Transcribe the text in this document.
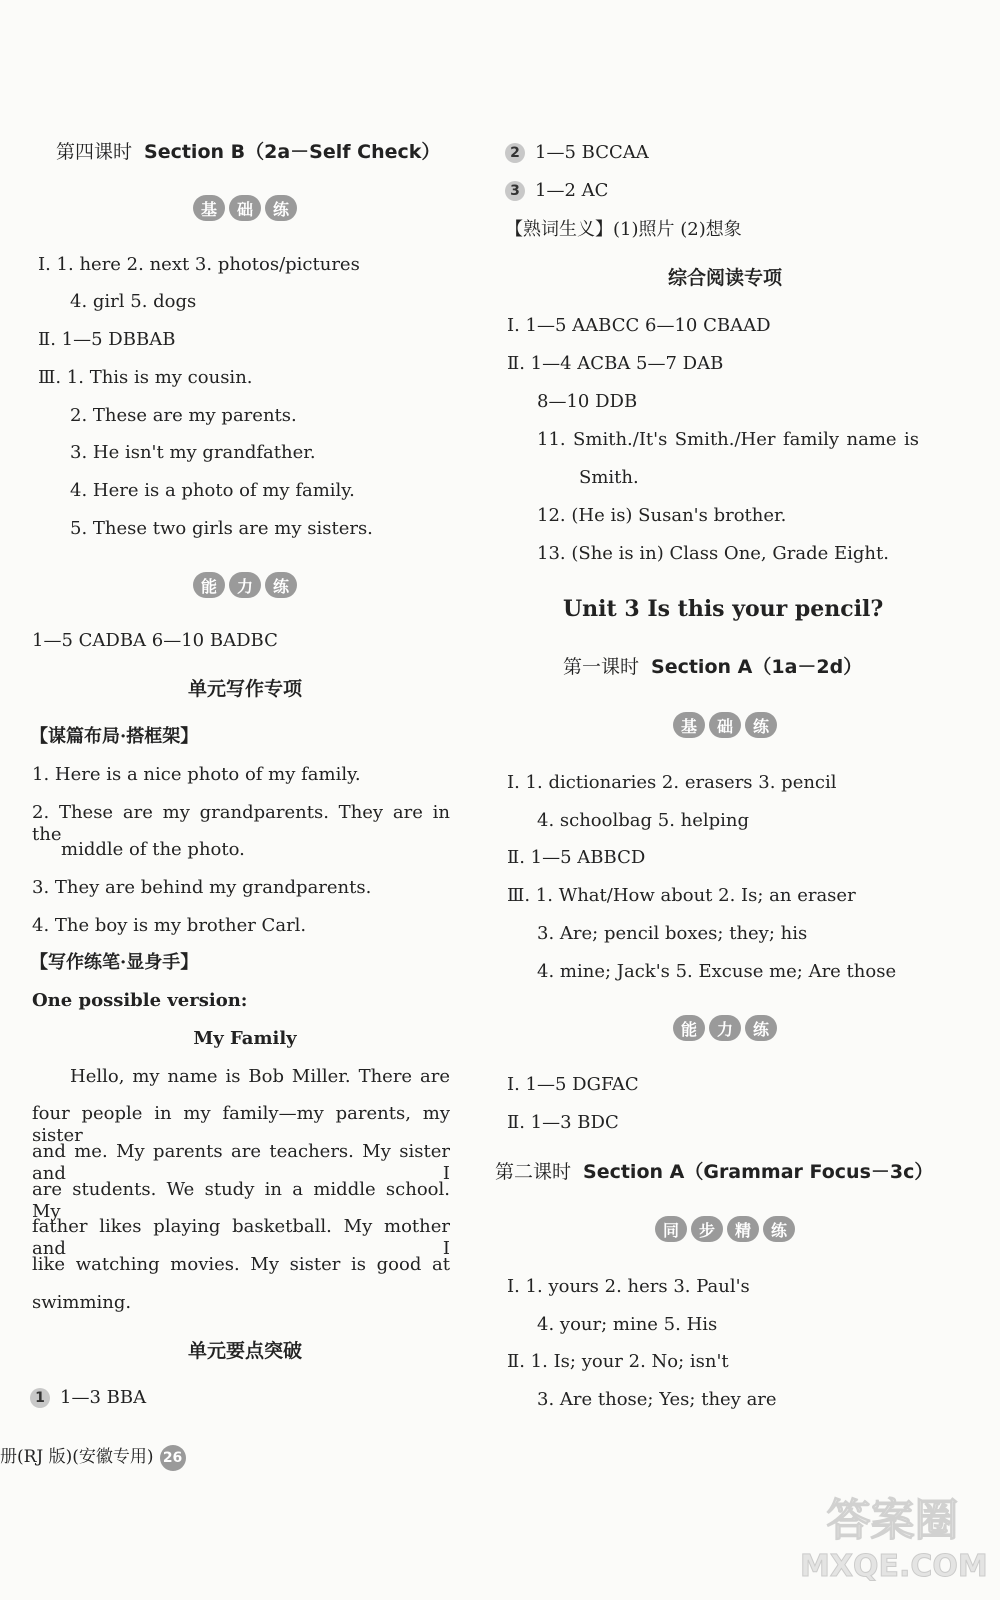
第四课时 Section B（2a－Self Check）
基	础	练
Ⅰ. 1. here 2. next 3. photos/pictures
4. girl 5. dogs
Ⅱ. 1—5 DBBAB
Ⅲ. 1. This is my cousin.
2. These are my parents.
3. He isn't my grandfather.
4. Here is a photo of my family.
5. These two girls are my sisters.
能	力	练
1—5 CADBA 6—10 BADBC
单元写作专项
【谋篇布局·搭框架】
1. Here is a nice photo of my family.
2. These are my grandparents. They are in the
middle of the photo.
3. They are behind my grandparents.
4. The boy is my brother Carl.
【写作练笔·显身手】
One possible version:
My Family
Hello, my name is Bob Miller. There are
four people in my family—my parents, my sister
and me. My parents are teachers. My sister and I
are students. We study in a middle school. My
father likes playing basketball. My mother and I
like watching movies. My sister is good at
swimming.
单元要点突破
1 1—3 BBA
2 1—5 BCCAA
3 1—2 AC
【熟词生义】(1)照片 (2)想象
综合阅读专项
Ⅰ. 1—5 AABCC 6—10 CBAAD
Ⅱ. 1—4 ACBA 5—7 DAB
8—10 DDB
11. Smith./It's Smith./Her family name is
Smith.
12. (He is) Susan's brother.
13. (She is in) Class One, Grade Eight.
Unit 3 Is this your pencil?
第一课时 Section A（1a－2d）
基	础	练
Ⅰ. 1. dictionaries 2. erasers 3. pencil
4. schoolbag 5. helping
Ⅱ. 1—5 ABBCD
Ⅲ. 1. What/How about 2. Is; an eraser
3. Are; pencil boxes; they; his
4. mine; Jack's 5. Excuse me; Are those
能	力	练
Ⅰ. 1—5 DGFAC
Ⅱ. 1—3 BDC
第二课时 Section A（Grammar Focus－3c）
同	步	精	练
Ⅰ. 1. yours 2. hers 3. Paul's
4. your; mine 5. His
Ⅱ. 1. Is; your 2. No; isn't
3. Are those; Yes; they are
册(RJ 版)(安徽专用) 26
答案圈
MXQE.COM
